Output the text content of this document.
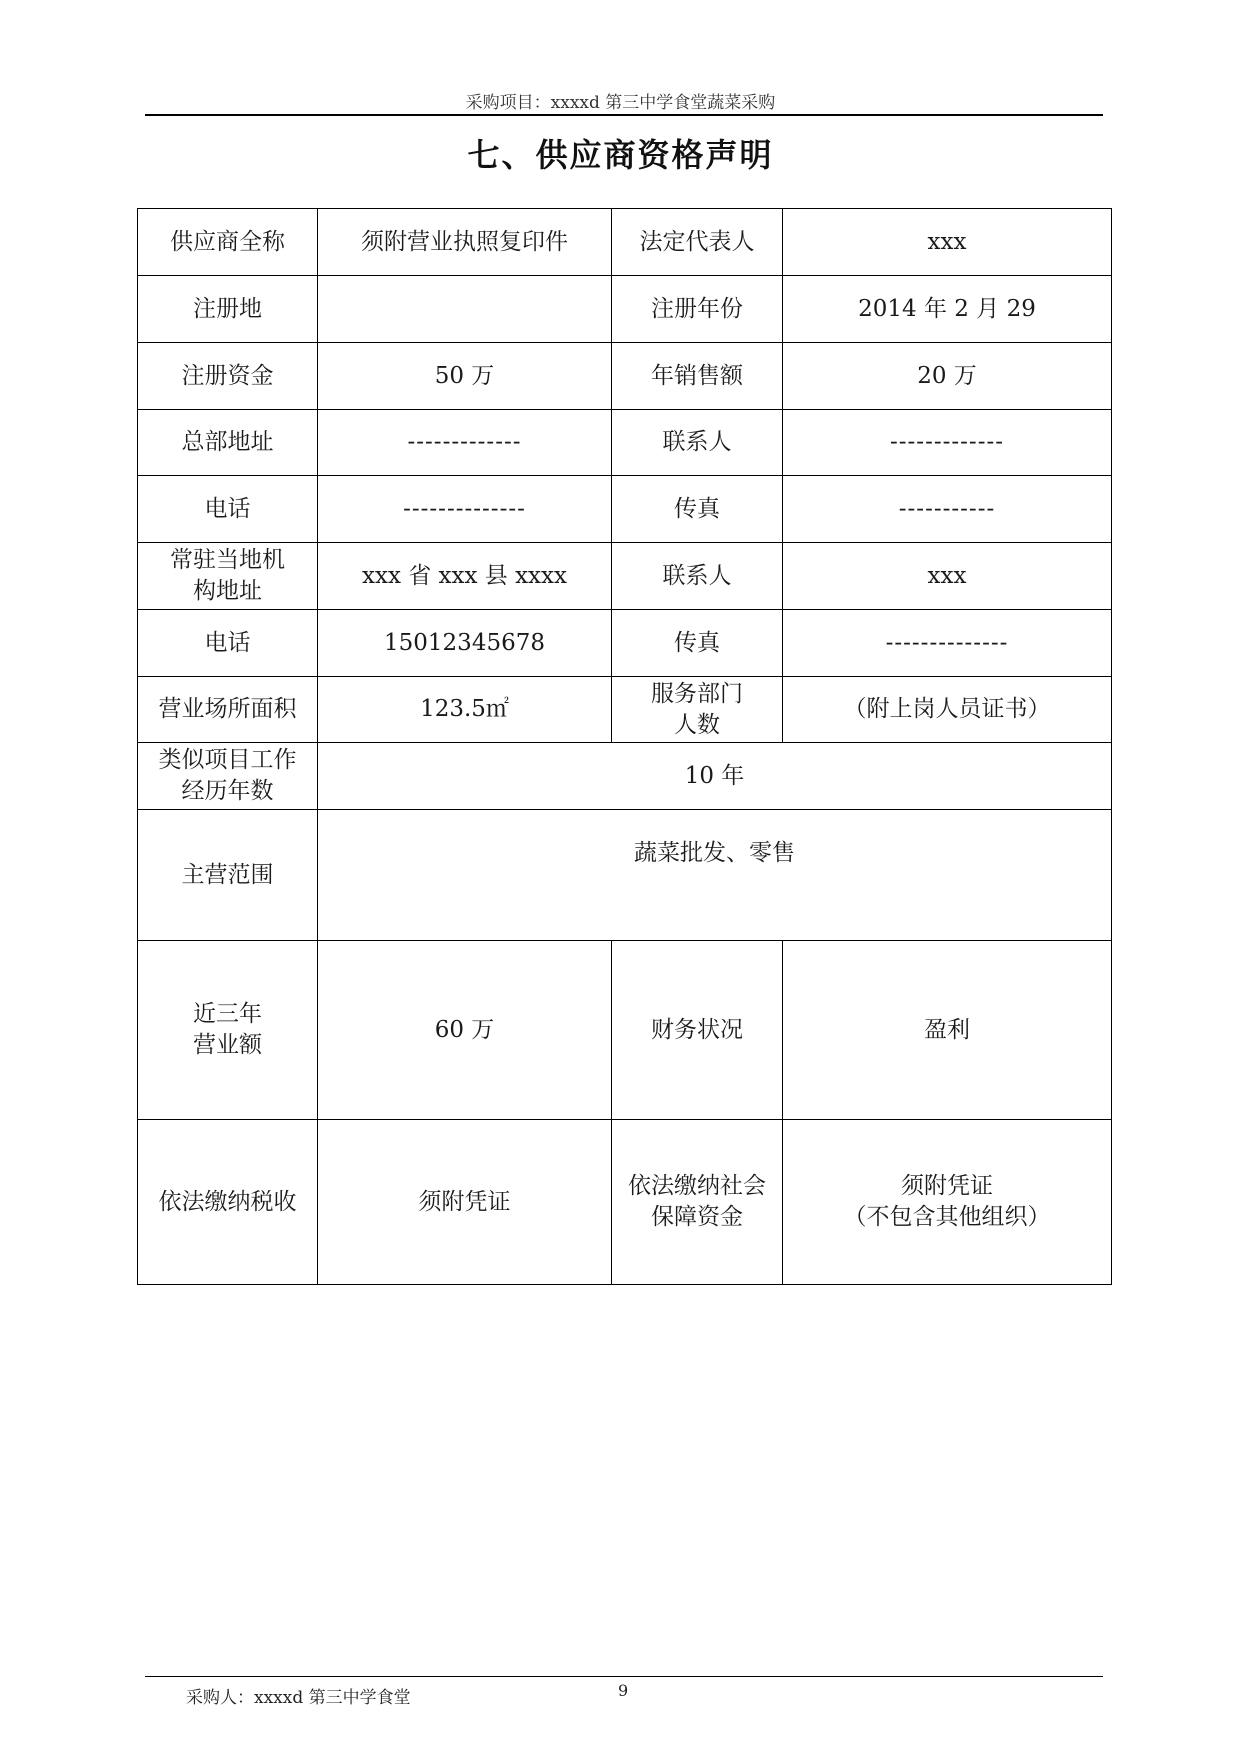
采购项目：xxxxd 第三中学食堂蔬菜采购
七、供应商资格声明
供应商全称	须附营业执照复印件	法定代表人	xxx
注册地		注册年份	2014 年 2 月 29
注册资金	50 万	年销售额	20 万
总部地址	-------------	联系人	-------------
电话	--------------	传真	-----------
常驻当地机构地址	xxx 省 xxx 县 xxxx	联系人	xxx
电话	15012345678	传真	--------------
营业场所面积	123.5㎡	服务部门人数	（附上岗人员证书）
类似项目工作经历年数	10 年		
主营范围	蔬菜批发、零售		
近三年营业额	60 万	财务状况	盈利
依法缴纳税收	须附凭证	依法缴纳社会保障资金	须附凭证
（不包含其他组织）
采购人：xxxxd 第三中学食堂	9
